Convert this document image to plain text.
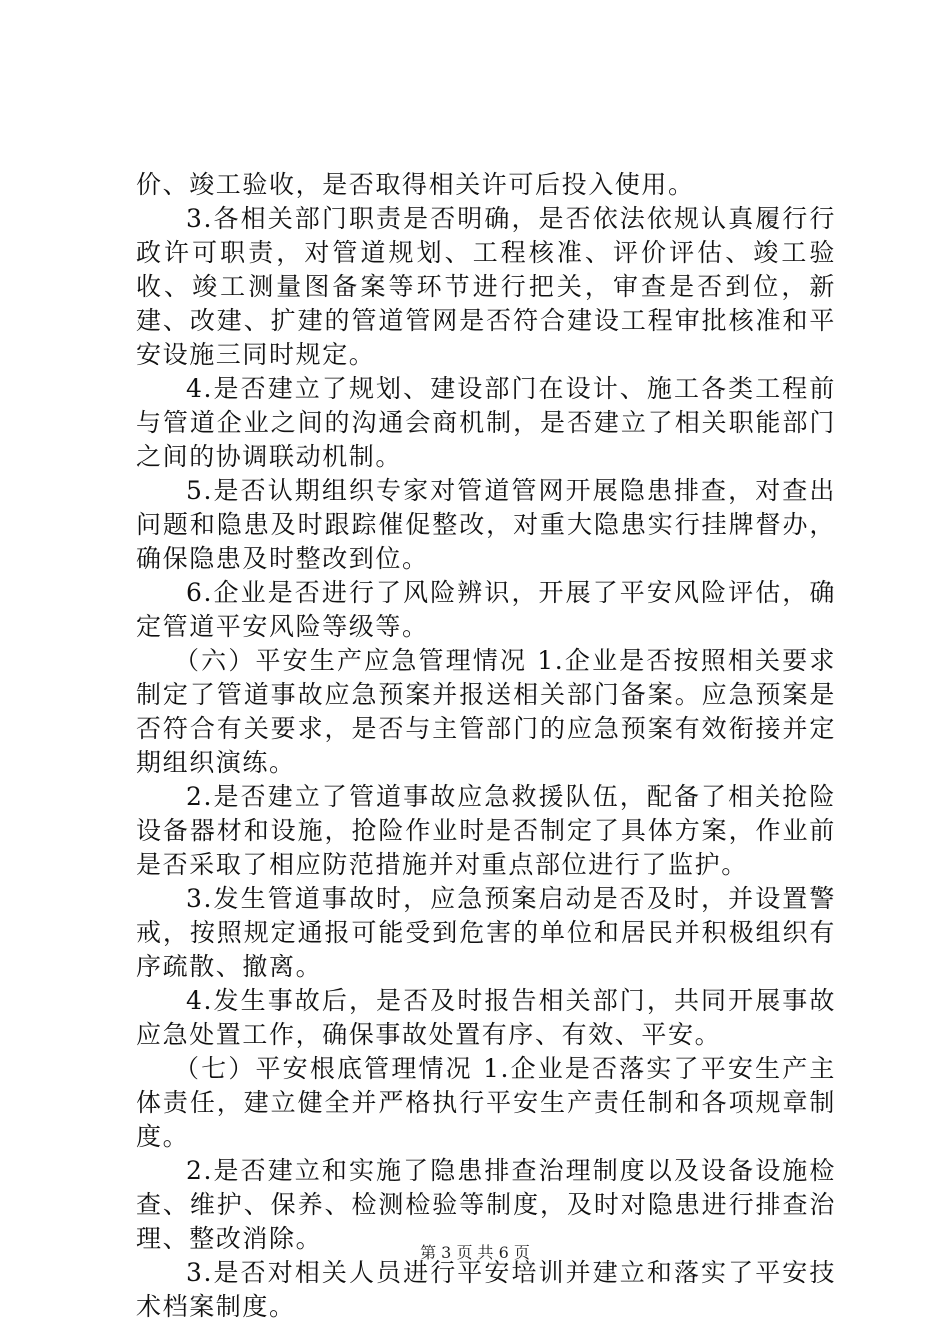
价、竣工验收，是否取得相关许可后投入使用。

3.各相关部门职责是否明确，是否依法依规认真履行行政许可职责，对管道规划、工程核准、评价评估、竣工验收、竣工测量图备案等环节进行把关，审查是否到位，新建、改建、扩建的管道管网是否符合建设工程审批核准和平安设施三同时规定。

4.是否建立了规划、建设部门在设计、施工各类工程前与管道企业之间的沟通会商机制，是否建立了相关职能部门之间的协调联动机制。

5.是否认期组织专家对管道管网开展隐患排查，对查出问题和隐患及时跟踪催促整改，对重大隐患实行挂牌督办，确保隐患及时整改到位。

6.企业是否进行了风险辨识，开展了平安风险评估，确定管道平安风险等级等。

（六）平安生产应急管理情况 1.企业是否按照相关要求制定了管道事故应急预案并报送相关部门备案。应急预案是否符合有关要求，是否与主管部门的应急预案有效衔接并定期组织演练。

2.是否建立了管道事故应急救援队伍，配备了相关抢险设备器材和设施，抢险作业时是否制定了具体方案，作业前是否采取了相应防范措施并对重点部位进行了监护。

3.发生管道事故时，应急预案启动是否及时，并设置警戒，按照规定通报可能受到危害的单位和居民并积极组织有序疏散、撤离。

4.发生事故后，是否及时报告相关部门，共同开展事故应急处置工作，确保事故处置有序、有效、平安。

（七）平安根底管理情况 1.企业是否落实了平安生产主体责任，建立健全并严格执行平安生产责任制和各项规章制度。

2.是否建立和实施了隐患排查治理制度以及设备设施检查、维护、保养、检测检验等制度，及时对隐患进行排查治理、整改消除。

3.是否对相关人员进行平安培训并建立和落实了平安技术档案制度。

第 3 页 共 6 页
